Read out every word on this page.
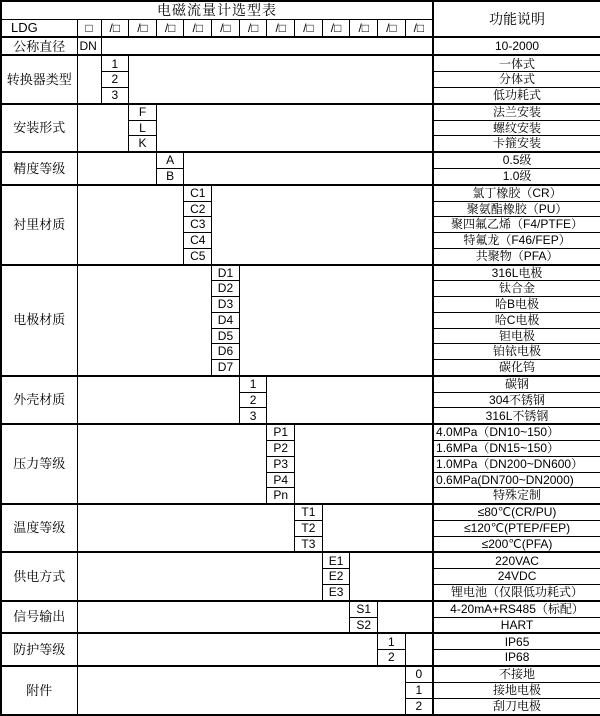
电磁流量计选型表														功能说明
LDG	□	/□	/□	/□	/□	/□	/□	/□	/□	/□	/□	/□	/□	
公称直径	DN													10-2000
转换器类型		1												一体式
		2												分体式
		3												低功耗式
安装形式			F											法兰安装
			L											螺纹安装
			K											卡箍安装
精度等级				A										0.5级
				B										1.0级
衬里材质					C1									氯丁橡胶（CR）
					C2									聚氨酯橡胶（PU）
					C3									聚四氟乙烯（F4/PTFE）
					C4									特氟龙（F46/FEP）
					C5									共聚物（PFA）
电极材质						D1								316L电极
						D2								钛合金
						D3								哈B电极
						D4								哈C电极
						D5								钽电极
						D6								铂铱电极
						D7								碳化钨
外壳材质							1							碳钢
							2							304不锈钢
							3							316L不锈钢
压力等级								P1						4.0MPa（DN10~150）
								P2						1.6MPa（DN15~150）
								P3						1.0MPa（DN200~DN600）
								P4						0.6MPa(DN700~DN2000)
								Pn						特殊定制
温度等级									T1					≤80℃(CR/PU)
									T2					≤120℃(PTEP/FEP)
									T3					≤200℃(PFA)
供电方式										E1				220VAC
										E2				24VDC
										E3				锂电池（仅限低功耗式）
信号输出											S1			4-20mA+RS485（标配）
											S2			HART
防护等级												1		IP65
												2		IP68
附件													0	不接地
													1	接地电极
													2	刮刀电极
